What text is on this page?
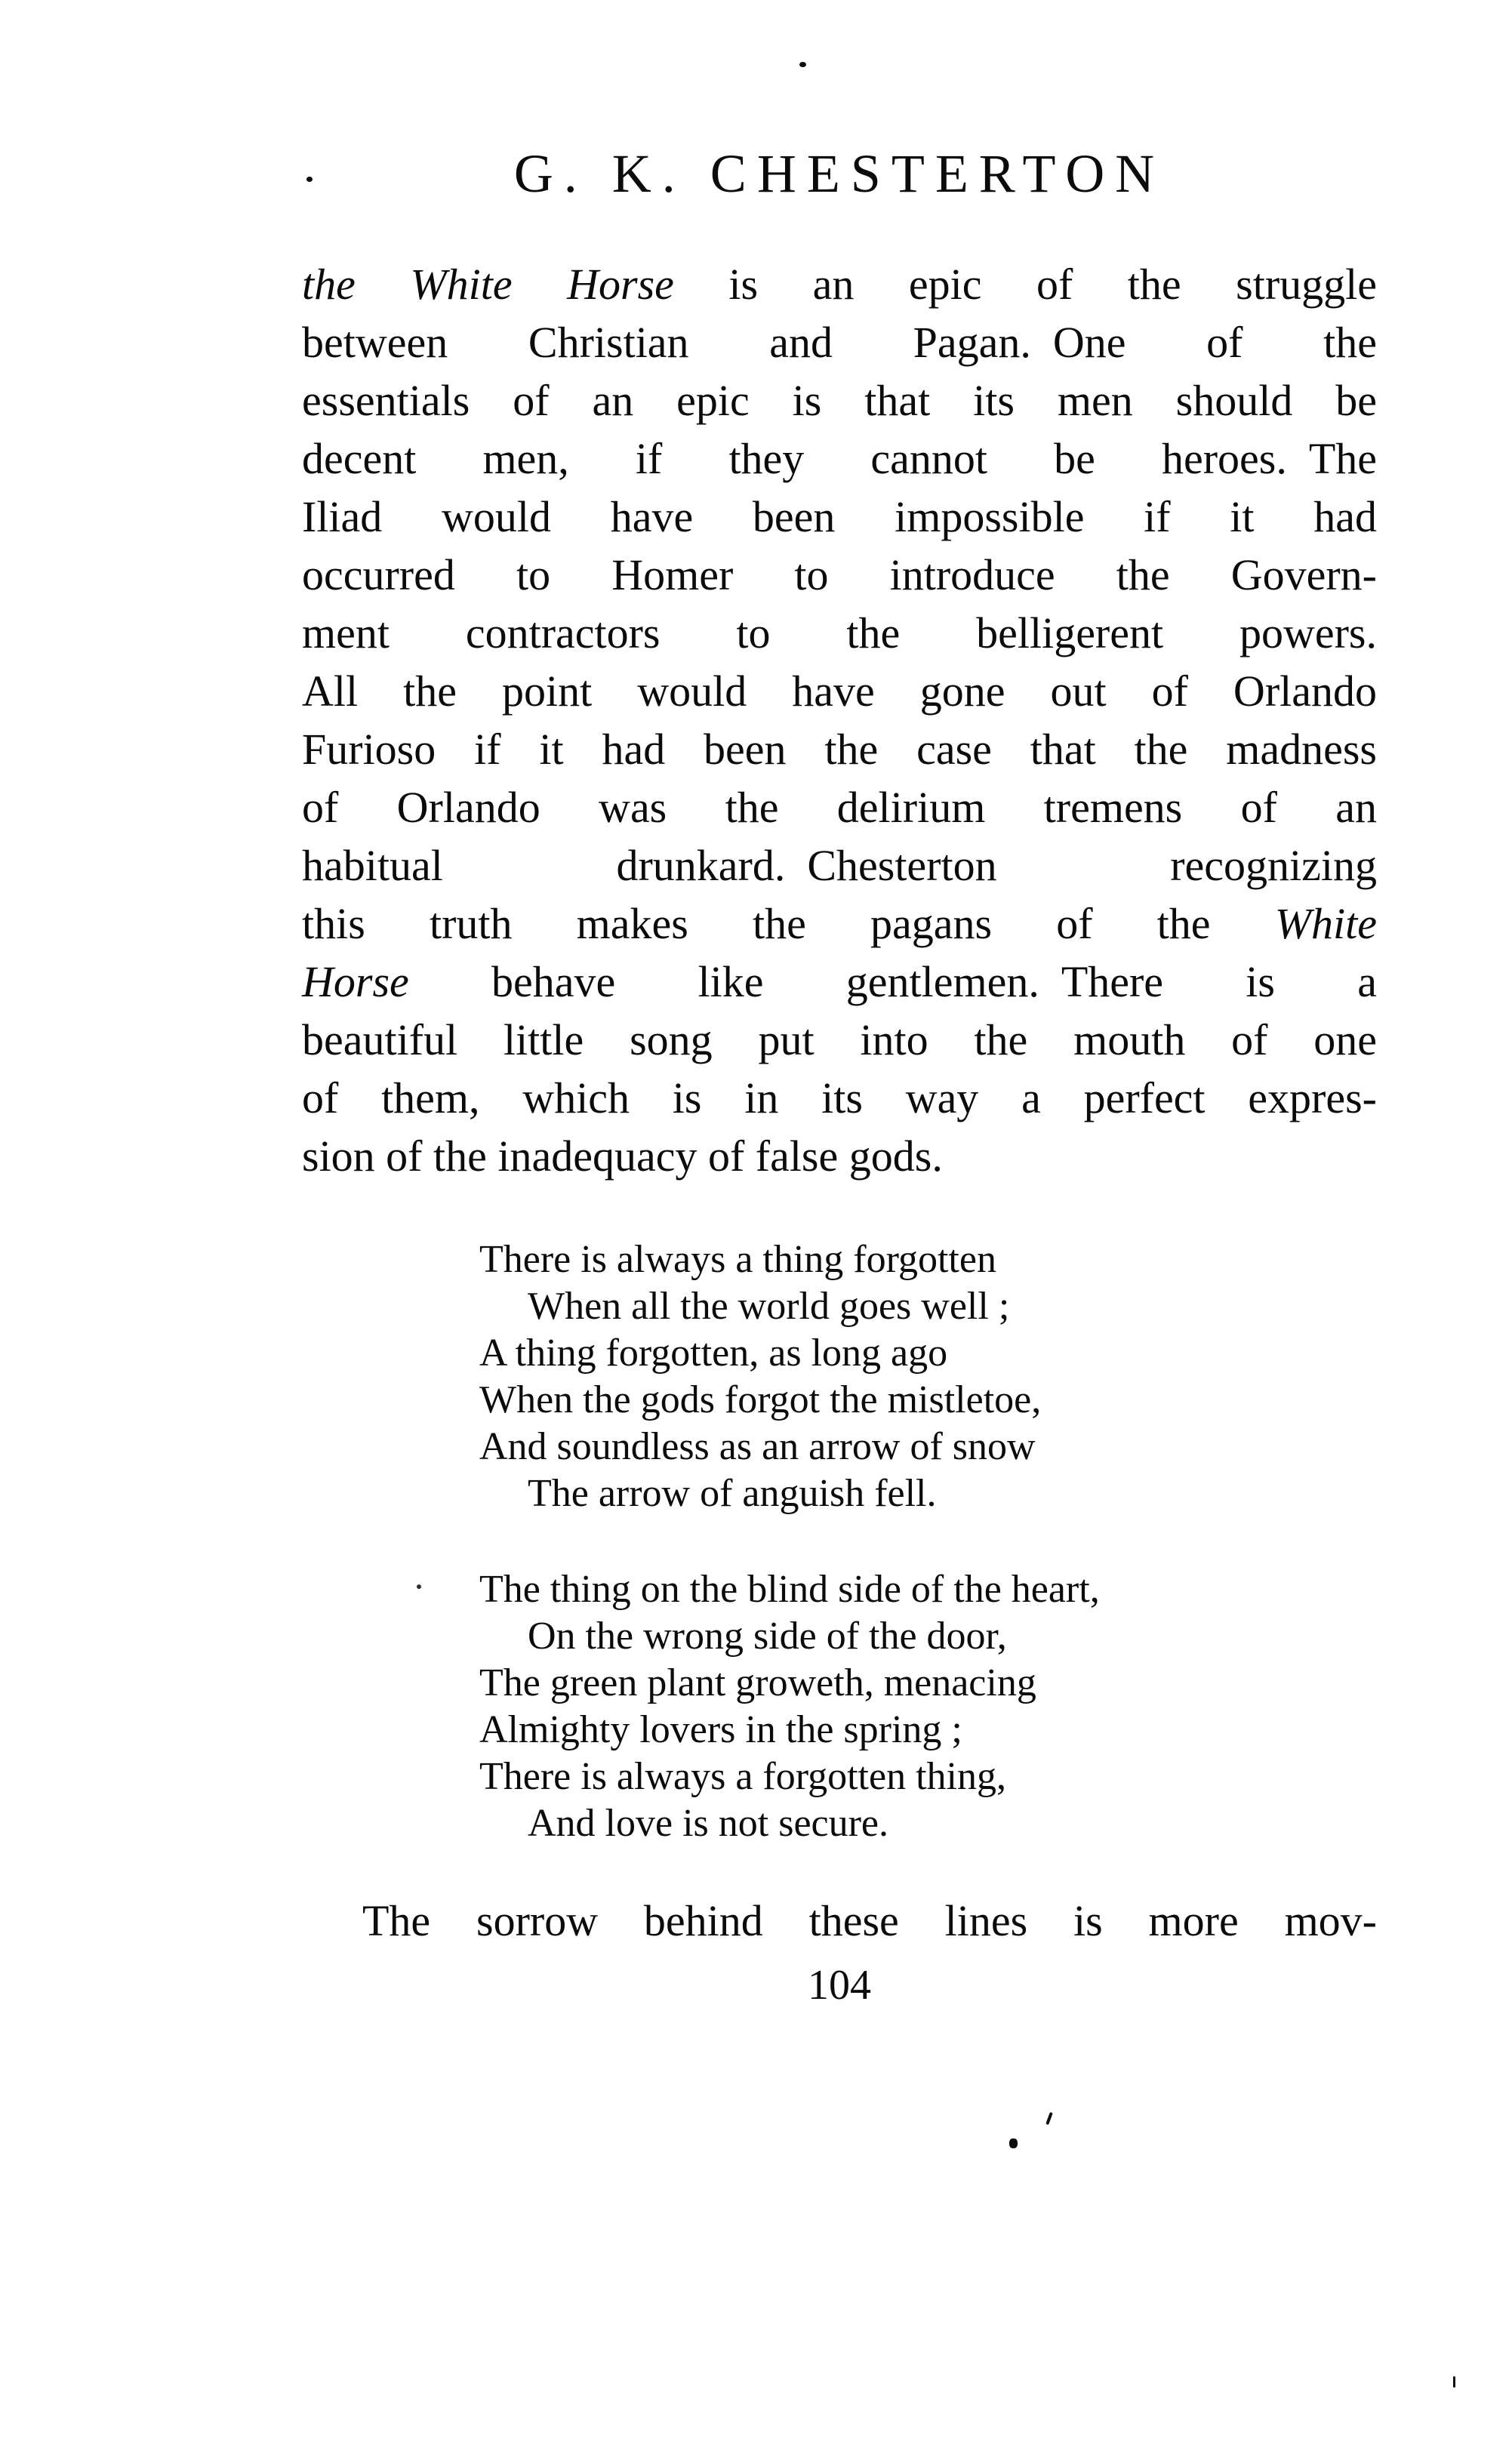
G. K. CHESTERTON
the White Horse is an epic of the struggle
between Christian and Pagan. One of the
essentials of an epic is that its men should be
decent men, if they cannot be heroes. The
Iliad would have been impossible if it had
occurred to Homer to introduce the Govern-
ment contractors to the belligerent powers.
All the point would have gone out of Orlando
Furioso if it had been the case that the madness
of Orlando was the delirium tremens of an
habitual drunkard. Chesterton recognizing
this truth makes the pagans of the White
Horse behave like gentlemen. There is a
beautiful little song put into the mouth of one
of them, which is in its way a perfect expres-
sion of the inadequacy of false gods.
There is always a thing forgotten
When all the world goes well ;
A thing forgotten, as long ago
When the gods forgot the mistletoe,
And soundless as an arrow of snow
The arrow of anguish fell.
The thing on the blind side of the heart,
On the wrong side of the door,
The green plant groweth, menacing
Almighty lovers in the spring ;
There is always a forgotten thing,
And love is not secure.
The sorrow behind these lines is more mov-
104
